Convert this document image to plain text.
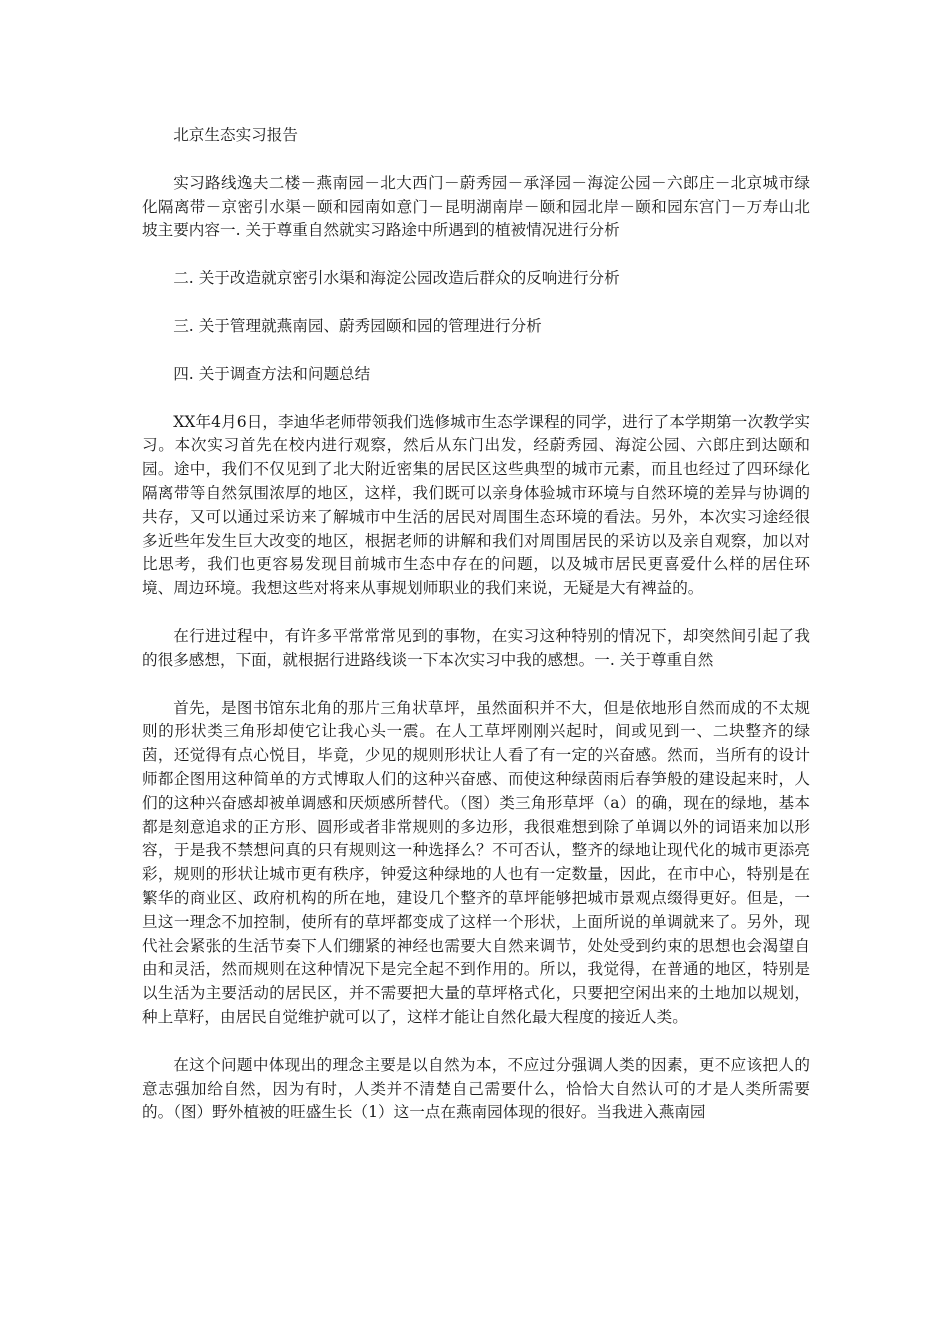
北京生态实习报告

实习路线逸夫二楼－燕南园－北大西门－蔚秀园－承泽园－海淀公园－六郎庄－北京城市绿化隔离带－京密引水渠－颐和园南如意门－昆明湖南岸－颐和园北岸－颐和园东宫门－万寿山北坡主要内容一. 关于尊重自然就实习路途中所遇到的植被情况进行分析

二. 关于改造就京密引水渠和海淀公园改造后群众的反响进行分析

三. 关于管理就燕南园、蔚秀园颐和园的管理进行分析

四. 关于调查方法和问题总结

XX年4月6日，李迪华老师带领我们选修城市生态学课程的同学，进行了本学期第一次教学实习。本次实习首先在校内进行观察，然后从东门出发，经蔚秀园、海淀公园、六郎庄到达颐和园。途中，我们不仅见到了北大附近密集的居民区这些典型的城市元素，而且也经过了四环绿化隔离带等自然氛围浓厚的地区，这样，我们既可以亲身体验城市环境与自然环境的差异与协调的共存，又可以通过采访来了解城市中生活的居民对周围生态环境的看法。另外，本次实习途经很多近些年发生巨大改变的地区，根据老师的讲解和我们对周围居民的采访以及亲自观察，加以对比思考，我们也更容易发现目前城市生态中存在的问题，以及城市居民更喜爱什么样的居住环境、周边环境。我想这些对将来从事规划师职业的我们来说，无疑是大有裨益的。

在行进过程中，有许多平常常常见到的事物，在实习这种特别的情况下，却突然间引起了我的很多感想，下面，就根据行进路线谈一下本次实习中我的感想。一. 关于尊重自然

首先，是图书馆东北角的那片三角状草坪，虽然面积并不大，但是依地形自然而成的不太规则的形状类三角形却使它让我心头一震。在人工草坪刚刚兴起时，间或见到一、二块整齐的绿茵，还觉得有点心悦目，毕竟，少见的规则形状让人看了有一定的兴奋感。然而，当所有的设计师都企图用这种简单的方式博取人们的这种兴奋感、而使这种绿茵雨后春笋般的建设起来时，人们的这种兴奋感却被单调感和厌烦感所替代。（图）类三角形草坪（a）的确，现在的绿地，基本都是刻意追求的正方形、圆形或者非常规则的多边形，我很难想到除了单调以外的词语来加以形容，于是我不禁想问真的只有规则这一种选择么？不可否认，整齐的绿地让现代化的城市更添亮彩，规则的形状让城市更有秩序，钟爱这种绿地的人也有一定数量，因此，在市中心，特别是在繁华的商业区、政府机构的所在地，建设几个整齐的草坪能够把城市景观点缀得更好。但是，一旦这一理念不加控制，使所有的草坪都变成了这样一个形状，上面所说的单调就来了。另外，现代社会紧张的生活节奏下人们绷紧的神经也需要大自然来调节，处处受到约束的思想也会渴望自由和灵活，然而规则在这种情况下是完全起不到作用的。所以，我觉得，在普通的地区，特别是以生活为主要活动的居民区，并不需要把大量的草坪格式化，只要把空闲出来的土地加以规划，种上草籽，由居民自觉维护就可以了，这样才能让自然化最大程度的接近人类。

在这个问题中体现出的理念主要是以自然为本，不应过分强调人类的因素，更不应该把人的意志强加给自然，因为有时，人类并不清楚自己需要什么，恰恰大自然认可的才是人类所需要的。（图）野外植被的旺盛生长（1）这一点在燕南园体现的很好。当我进入燕南园
